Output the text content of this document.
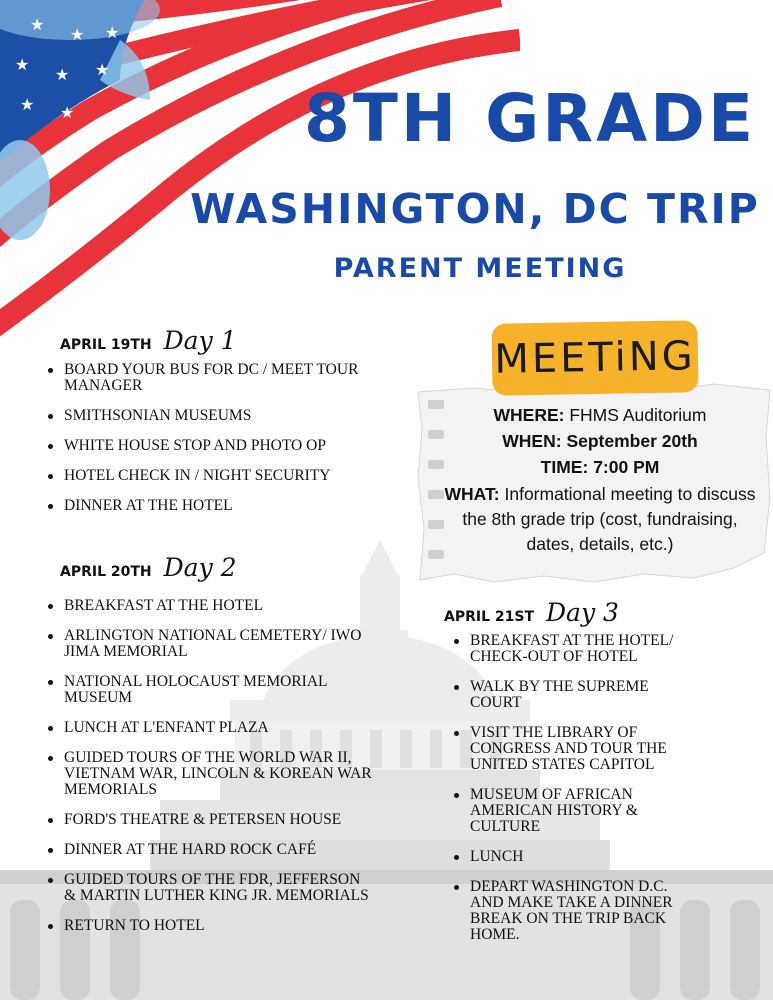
★
★
★
★ ★
★ ★
★
8TH GRADE
WASHINGTON, DC TRIP
PARENT MEETING
APRIL 19TH Day 1
BOARD YOUR BUS FOR DC / MEET TOUR MANAGER
SMITHSONIAN MUSEUMS
WHITE HOUSE STOP AND PHOTO OP
HOTEL CHECK IN / NIGHT SECURITY
DINNER AT THE HOTEL
APRIL 20TH Day 2
BREAKFAST AT THE HOTEL
ARLINGTON NATIONAL CEMETERY/ IWO JIMA MEMORIAL
NATIONAL HOLOCAUST MEMORIAL MUSEUM
LUNCH AT L'ENFANT PLAZA
GUIDED TOURS OF THE WORLD WAR II, VIETNAM WAR, LINCOLN & KOREAN WAR MEMORIALS
FORD'S THEATRE & PETERSEN HOUSE
DINNER AT THE HARD ROCK CAFÉ
GUIDED TOURS OF THE FDR, JEFFERSON & MARTIN LUTHER KING JR. MEMORIALS
RETURN TO HOTEL
MEETiNG
WHERE: FHMS Auditorium
WHEN: September 20th
TIME: 7:00 PM
WHAT: Informational meeting to discuss the 8th grade trip (cost, fundraising, dates, details, etc.)
APRIL 21ST Day 3
BREAKFAST AT THE HOTEL/ CHECK-OUT OF HOTEL
WALK BY THE SUPREME COURT
VISIT THE LIBRARY OF CONGRESS AND TOUR THE UNITED STATES CAPITOL
MUSEUM OF AFRICAN AMERICAN HISTORY & CULTURE
LUNCH
DEPART WASHINGTON D.C. AND MAKE TAKE A DINNER BREAK ON THE TRIP BACK HOME.
